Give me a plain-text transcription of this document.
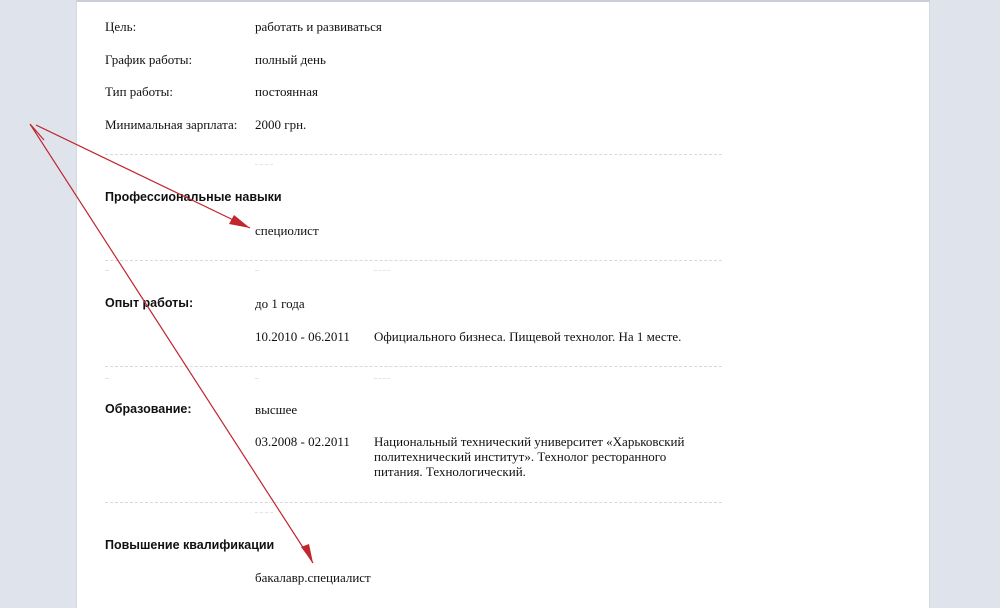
Цель:	работать и развиваться
График работы:	полный день
Тип работы:	постоянная
Минимальная зарплата: 2000 грн.
Профессиональные навыки
специолист
Опыт работы:	до 1 года
10.2010 - 06.2011 Официального бизнеса. Пищевой технолог. На 1 месте.
Образование:	высшее
03.2008 - 02.2011 Национальный технический университет «Харьковский
политехнический институт». Технолог ресторанного
питания. Технологический.
Повышение квалификации
бакалавр.специалист
